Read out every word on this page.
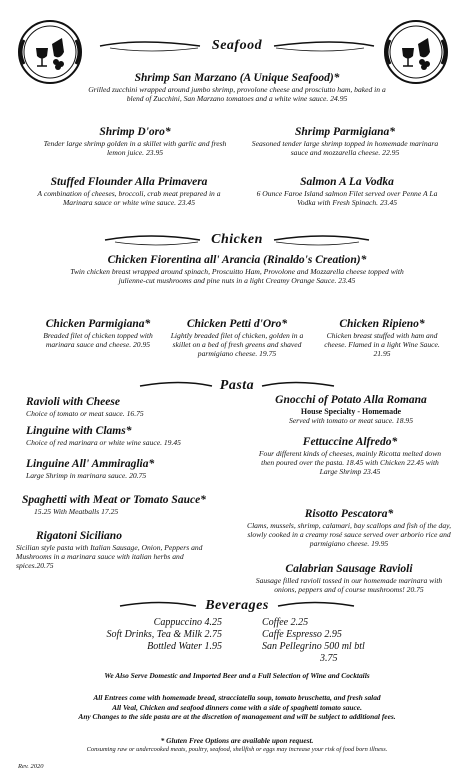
Seafood
Shrimp San Marzano (A Unique Seafood)*
Grilled zucchini wrapped around jumbo shrimp, provolone cheese and prosciutto ham, baked in a blend of Zucchini, San Marzano tomatoes and a white wine sauce. 24.95
Shrimp D'oro*
Tender large shrimp golden in a skillet with garlic and fresh lemon juice. 23.95
Shrimp Parmigiana*
Seasoned tender large shrimp topped in homemade marinara sauce and mozzarella cheese. 22.95
Stuffed Flounder Alla Primavera
A combination of cheeses, broccoli, crab meat prepared in a Marinara sauce or white wine sauce. 23.45
Salmon A La Vodka
6 Ounce Faroe Island salmon Filet served over Penne A La Vodka with Fresh Spinach. 23.45
Chicken
Chicken Fiorentina all' Arancia (Rinaldo's Creation)*
Twin chicken breast wrapped around spinach, Proscuitto Ham, Provolone and Mozzarella cheese topped with julienne-cut mushrooms and pine nuts in a light Creamy Orange Sauce. 23.45
Chicken Parmigiana*
Breaded filet of chicken topped with marinara sauce and cheese. 20.95
Chicken Petti d'Oro*
Lightly breaded filet of chicken, golden in a skillet on a bed of fresh greens and shaved parmigiano cheese. 19.75
Chicken Ripieno*
Chicken breast stuffed with ham and cheese. Flamed in a light Wine Sauce. 21.95
Pasta
Ravioli with Cheese
Choice of tomato or meat sauce. 16.75
Linguine with Clams*
Choice of red marinara or white wine sauce. 19.45
Linguine All' Ammiraglia*
Large Shrimp in marinara sauce. 20.75
Spaghetti with Meat or Tomato Sauce*
15.25 With Meatballs 17.25
Rigatoni Siciliano
Sicilian style pasta with Italian Sausage, Onion, Peppers and Mushrooms in a marinara sauce with italian herbs and spices.20.75
Gnocchi of Potato Alla Romana
House Specialty - Homemade
Served with tomato or meat sauce. 18.95
Fettuccine Alfredo*
Four different kinds of cheeses, mainly Ricotta melted down then poured over the pasta. 18.45 with Chicken 22.45 with Large Shrimp 23.45
Risotto Pescatora*
Clams, mussels, shrimp, calamari, bay scallops and fish of the day, slowly cooked in a creamy rosé sauce served over arborio rice and parmigiano cheese. 19.95
Calabrian Sausage Ravioli
Sausage filled ravioli tossed in our homemade marinara with onions, peppers and of course mushrooms! 20.75
Beverages
Cappuccino 4.25
Soft Drinks, Tea & Milk 2.75
Bottled Water 1.95
Coffee 2.25
Caffe Espresso 2.95
San Pellegrino 500 ml btl
3.75
We Also Serve Domestic and Imported Beer and a Full Selection of Wine and Cocktails
All Entrees come with homemade bread, stracciatella soup, tomato bruschetta, and fresh salad
All Veal, Chicken and seafood dinners come with a side of spaghetti tomato sauce.
Any Changes to the side pasta are at the discretion of management and will be subject to additional fees.
* Gluten Free Options are available upon request.
Consuming raw or undercooked meats, poultry, seafood, shellfish or eggs may increase your risk of food born illness.
Rev. 2020
